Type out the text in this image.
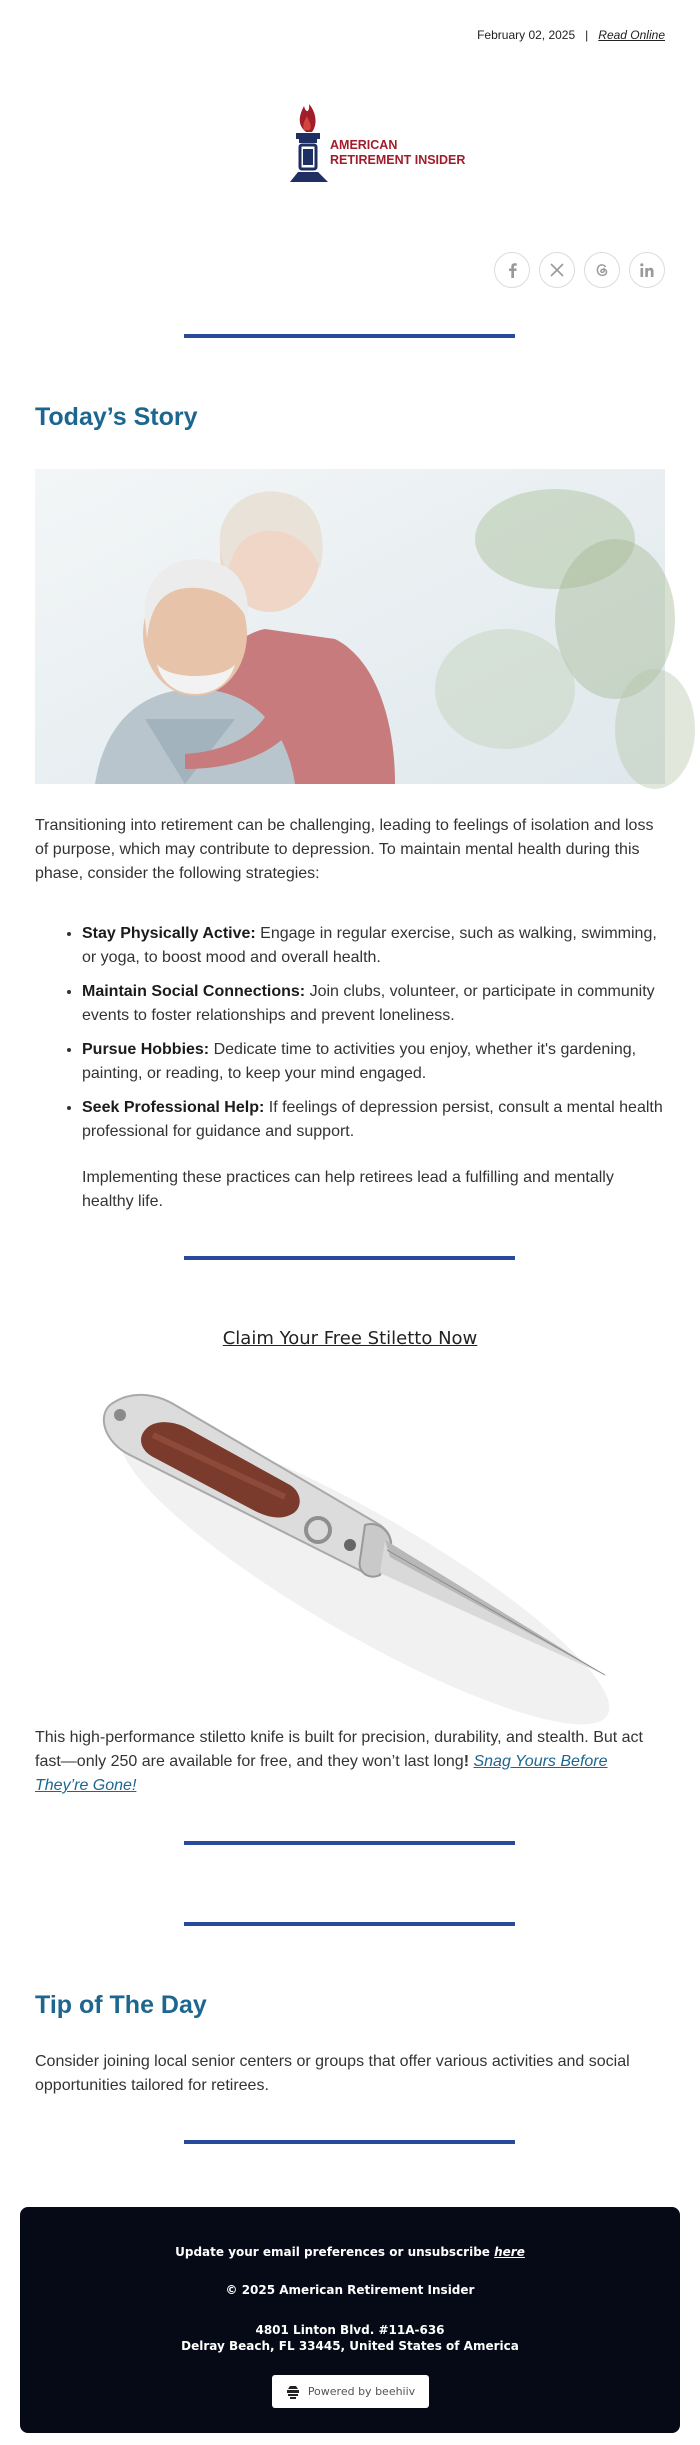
February 02, 2025 | Read Online
AMERICAN
RETIREMENT INSIDER
Today’s Story

Transitioning into retirement can be challenging, leading to feelings of isolation and loss of purpose, which may contribute to depression. To maintain mental health during this phase, consider the following strategies:

• Stay Physically Active: Engage in regular exercise, such as walking, swimming, or yoga, to boost mood and overall health.
• Maintain Social Connections: Join clubs, volunteer, or participate in community events to foster relationships and prevent loneliness.
• Pursue Hobbies: Dedicate time to activities you enjoy, whether it's gardening, painting, or reading, to keep your mind engaged.
• Seek Professional Help: If feelings of depression persist, consult a mental health professional for guidance and support.

Implementing these practices can help retirees lead a fulfilling and mentally healthy life.

Claim Your Free Stiletto Now

This high-performance stiletto knife is built for precision, durability, and stealth. But act fast—only 250 are available for free, and they won’t last long! Snag Yours Before They’re Gone!

Tip of The Day

Consider joining local senior centers or groups that offer various activities and social opportunities tailored for retirees.

Update your email preferences or unsubscribe here
© 2025 American Retirement Insider
4801 Linton Blvd. #11A-636
Delray Beach, FL 33445, United States of America
Powered by beehiiv
